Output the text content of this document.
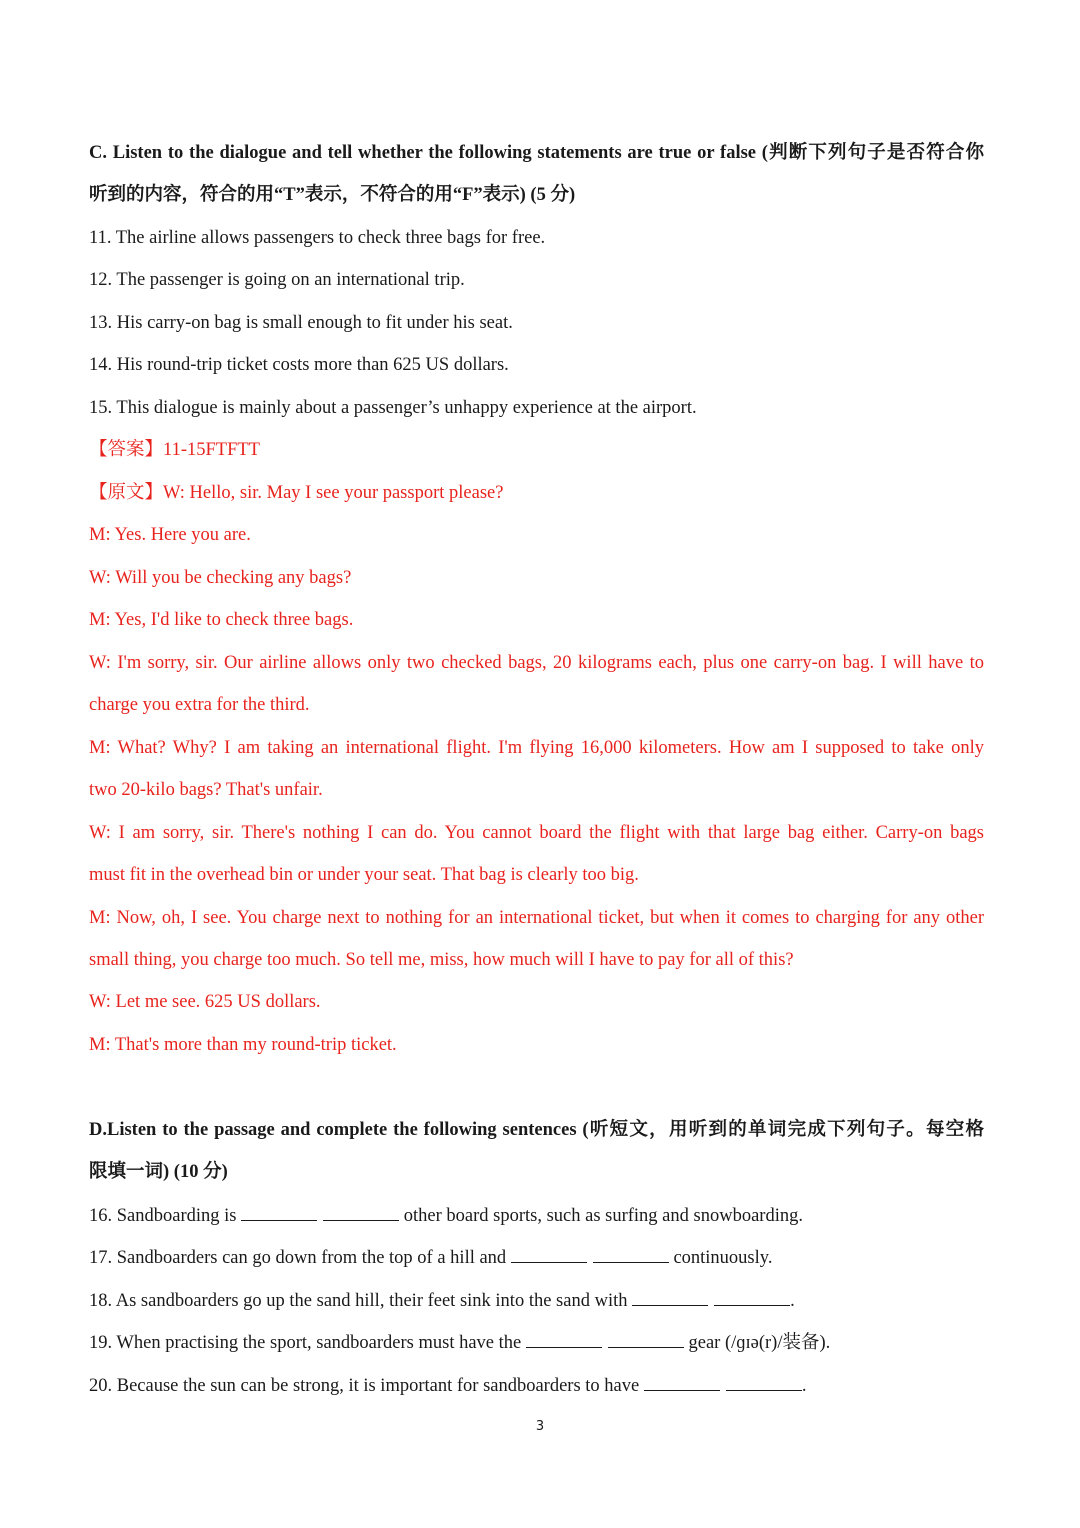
C. Listen to the dialogue and tell whether the following statements are true or false (判断下列句子是否符合你
听到的内容，符合的用“T”表示，不符合的用“F”表示) (5 分)
11. The airline allows passengers to check three bags for free.
12. The passenger is going on an international trip.
13. His carry-on bag is small enough to fit under his seat.
14. His round-trip ticket costs more than 625 US dollars.
15. This dialogue is mainly about a passenger’s unhappy experience at the airport.
【答案】11-15FTFTT
【原文】W: Hello, sir. May I see your passport please?
M: Yes. Here you are.
W: Will you be checking any bags?
M: Yes, I'd like to check three bags.
W: I'm sorry, sir. Our airline allows only two checked bags, 20 kilograms each, plus one carry-on bag. I will have to
charge you extra for the third.
M: What? Why? I am taking an international flight. I'm flying 16,000 kilometers. How am I supposed to take only
two 20-kilo bags? That's unfair.
W: I am sorry, sir. There's nothing I can do. You cannot board the flight with that large bag either. Carry-on bags
must fit in the overhead bin or under your seat. That bag is clearly too big.
M: Now, oh, I see. You charge next to nothing for an international ticket, but when it comes to charging for any other
small thing, you charge too much. So tell me, miss, how much will I have to pay for all of this?
W: Let me see. 625 US dollars.
M: That's more than my round-trip ticket.
D.Listen to the passage and complete the following sentences (听短文，用听到的单词完成下列句子。每空格
限填一词) (10 分)
16. Sandboarding is	other board sports, such as surfing and snowboarding.
17. Sandboarders can go down from the top of a hill and	continuously.
18. As sandboarders go up the sand hill, their feet sink into the sand with	.
19. When practising the sport, sandboarders must have the	gear (/ɡɪə(r)/装备).
20. Because the sun can be strong, it is important for sandboarders to have	.
3
